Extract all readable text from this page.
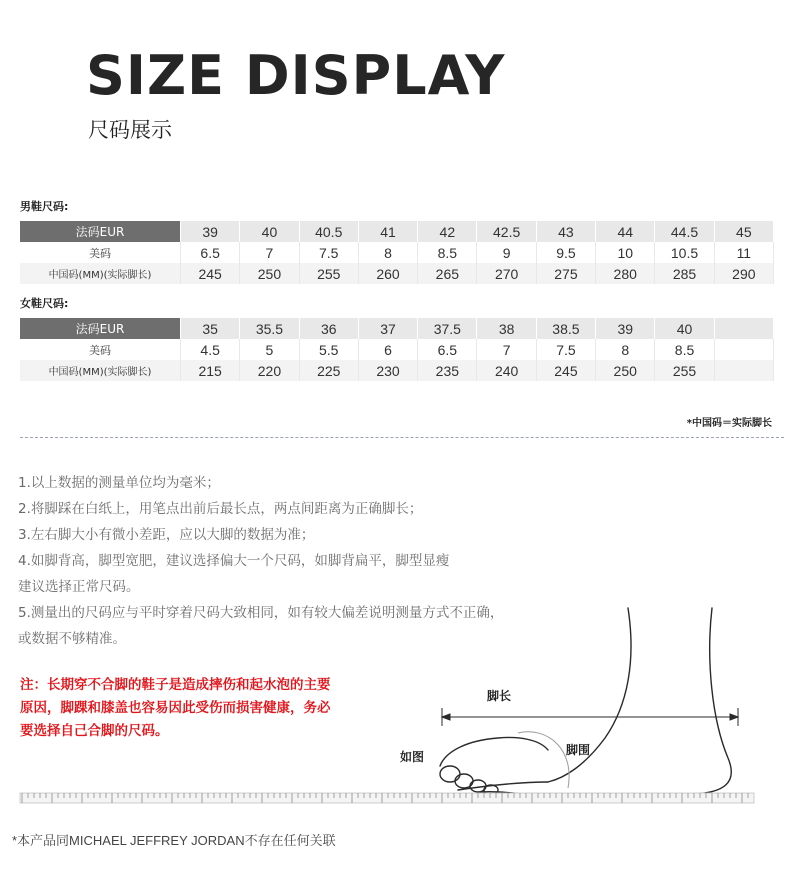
SIZE DISPLAY
尺码展示
男鞋尺码:
法码EUR	39	40	40.5	41	42	42.5	43	44	44.5	45
美码	6.5	7	7.5	8	8.5	9	9.5	10	10.5	11
中国码(MM)(实际脚长)	245	250	255	260	265	270	275	280	285	290
女鞋尺码:
法码EUR	35	35.5	36	37	37.5	38	38.5	39	40	
美码	4.5	5	5.5	6	6.5	7	7.5	8	8.5	
中国码(MM)(实际脚长)	215	220	225	230	235	240	245	250	255	
*中国码＝实际脚长
1.以上数据的测量单位均为毫米；
2.将脚踩在白纸上，用笔点出前后最长点，两点间距离为正确脚长；
3.左右脚大小有微小差距，应以大脚的数据为准；
4.如脚背高，脚型宽肥，建议选择偏大一个尺码，如脚背扁平，脚型显瘦
建议选择正常尺码。
5.测量出的尺码应与平时穿着尺码大致相同，如有较大偏差说明测量方式不正确，
或数据不够精准。
脚长
脚围
如图
注：长期穿不合脚的鞋子是造成摔伤和起水泡的主要
原因，脚踝和膝盖也容易因此受伤而损害健康，务必
要选择自己合脚的尺码。
*本产品同MICHAEL JEFFREY JORDAN不存在任何关联
